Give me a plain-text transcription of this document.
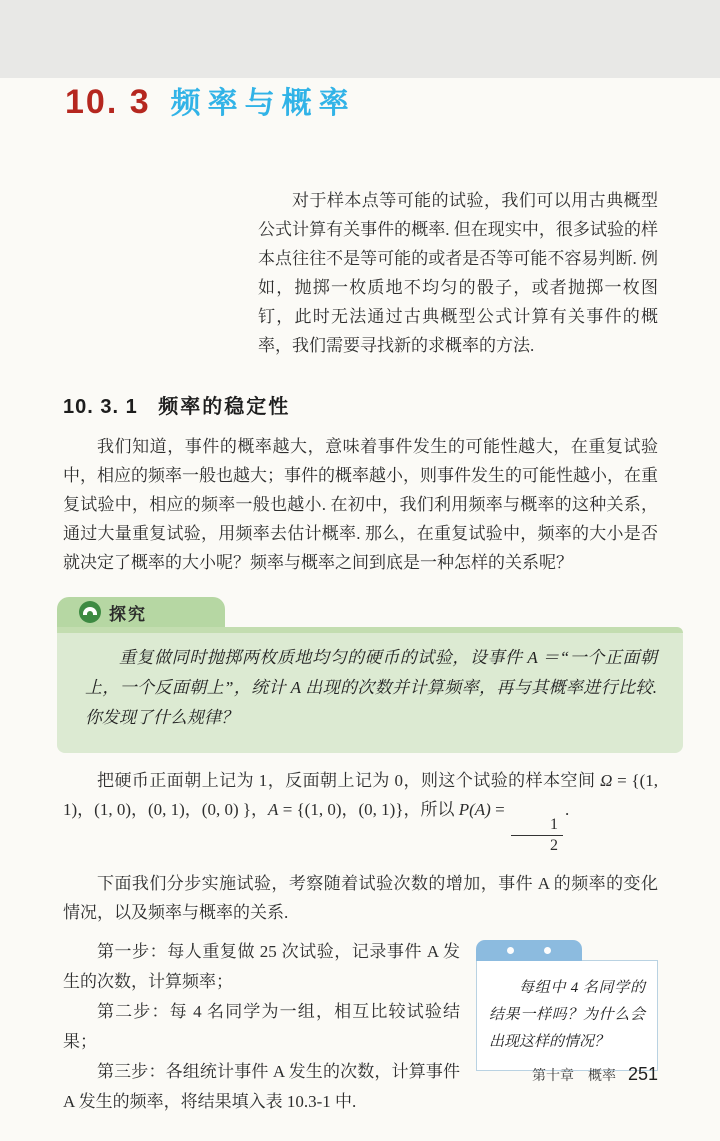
10. 3 频率与概率

对于样本点等可能的试验，我们可以用古典概型公式计算有关事件的概率. 但在现实中，很多试验的样本点往往不是等可能的或者是否等可能不容易判断. 例如，抛掷一枚质地不均匀的骰子，或者抛掷一枚图钉，此时无法通过古典概型公式计算有关事件的概率，我们需要寻找新的求概率的方法.

10. 3. 1 频率的稳定性

我们知道，事件的概率越大，意味着事件发生的可能性越大，在重复试验中，相应的频率一般也越大；事件的概率越小，则事件发生的可能性越小，在重复试验中，相应的频率一般也越小. 在初中，我们利用频率与概率的这种关系，通过大量重复试验，用频率去估计概率. 那么，在重复试验中，频率的大小是否就决定了概率的大小呢？频率与概率之间到底是一种怎样的关系呢？

探究

重复做同时抛掷两枚质地均匀的硬币的试验，设事件 A ＝“一个正面朝上，一个反面朝上”，统计 A 出现的次数并计算频率，再与其概率进行比较. 你发现了什么规律？

把硬币正面朝上记为 1，反面朝上记为 0，则这个试验的样本空间 Ω = {(1, 1)，(1, 0)，(0, 1)，(0, 0) }，A = {(1, 0)，(0, 1)}，所以 P(A) =
$\frac{1}{2}$
.

下面我们分步实施试验，考察随着试验次数的增加，事件 A 的频率的变化情况，以及频率与概率的关系.

每组中 4 名同学的结果一样吗？为什么会出现这样的情况？

第一步：每人重复做 25 次试验，记录事件 A 发生的次数，计算频率；

第二步：每 4 名同学为一组，相互比较试验结果；

第三步：各组统计事件 A 发生的次数，计算事件 A 发生的频率，将结果填入表 10.3-1 中.

第十章 概率 251
